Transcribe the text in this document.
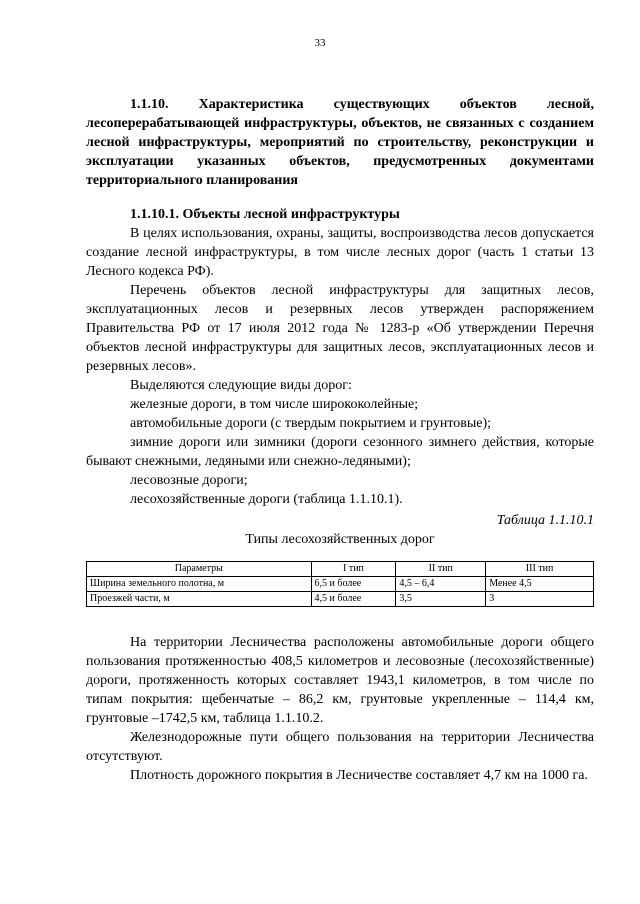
33
1.1.10. Характеристика существующих объектов лесной, лесоперерабатывающей инфраструктуры, объектов, не связанных с созданием лесной инфраструктуры, мероприятий по строительству, реконструкции и эксплуатации указанных объектов, предусмотренных документами территориального планирования
1.1.10.1. Объекты лесной инфраструктуры

В целях использования, охраны, защиты, воспроизводства лесов допускается создание лесной инфраструктуры, в том числе лесных дорог (часть 1 статьи 13 Лесного кодекса РФ).

Перечень объектов лесной инфраструктуры для защитных лесов, эксплуатационных лесов и резервных лесов утвержден распоряжением Правительства РФ от 17 июля 2012 года № 1283-р «Об утверждении Перечня объектов лесной инфраструктуры для защитных лесов, эксплуатационных лесов и резервных лесов».

Выделяются следующие виды дорог:

железные дороги, в том числе ширококолейные;

автомобильные дороги (с твердым покрытием и грунтовые);

зимние дороги или зимники (дороги сезонного зимнего действия, которые бывают снежными, ледяными или снежно-ледяными);

лесовозные дороги;

лесохозяйственные дороги (таблица 1.1.10.1).

Таблица 1.1.10.1

Типы лесохозяйственных дорог

Параметры	I тип	II тип	III тип
Ширина земельного полотна, м	6,5 и более	4,5 – 6,4	Менее 4,5
Проезжей части, м	4,5 и более	3,5	3

На территории Лесничества расположены автомобильные дороги общего пользования протяженностью 408,5 километров и лесовозные (лесохозяйственные) дороги, протяженность которых составляет 1943,1 километров, в том числе по типам покрытия: щебенчатые – 86,2 км, грунтовые укрепленные – 114,4 км, грунтовые –1742,5 км, таблица 1.1.10.2.

Железнодорожные пути общего пользования на территории Лесничества отсутствуют.

Плотность дорожного покрытия в Лесничестве составляет 4,7 км на 1000 га.
